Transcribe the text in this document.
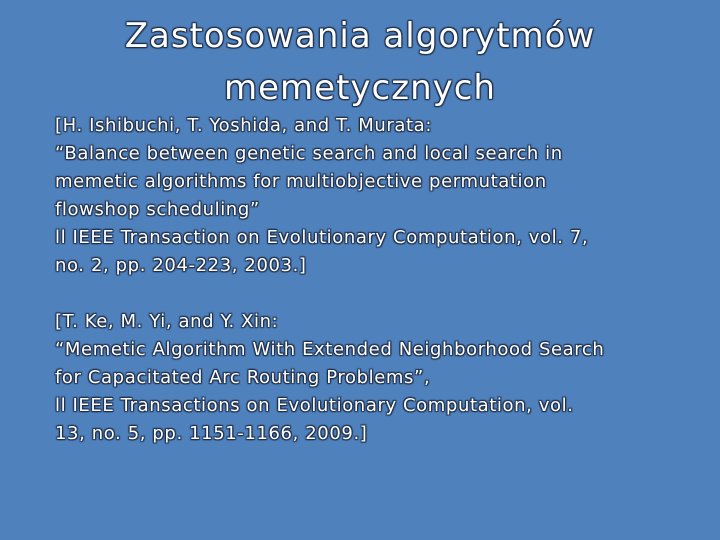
Zastosowania algorytmów
memetycznych
[H. Ishibuchi, T. Yoshida, and T. Murata:
“Balance between genetic search and local search in
memetic algorithms for multiobjective permutation
flowshop scheduling”
ll IEEE Transaction on Evolutionary Computation, vol. 7,
no. 2, pp. 204-223, 2003.]
[T. Ke, M. Yi, and Y. Xin:
“Memetic Algorithm With Extended Neighborhood Search
for Capacitated Arc Routing Problems”,
ll IEEE Transactions on Evolutionary Computation, vol.
13, no. 5, pp. 1151-1166, 2009.]
